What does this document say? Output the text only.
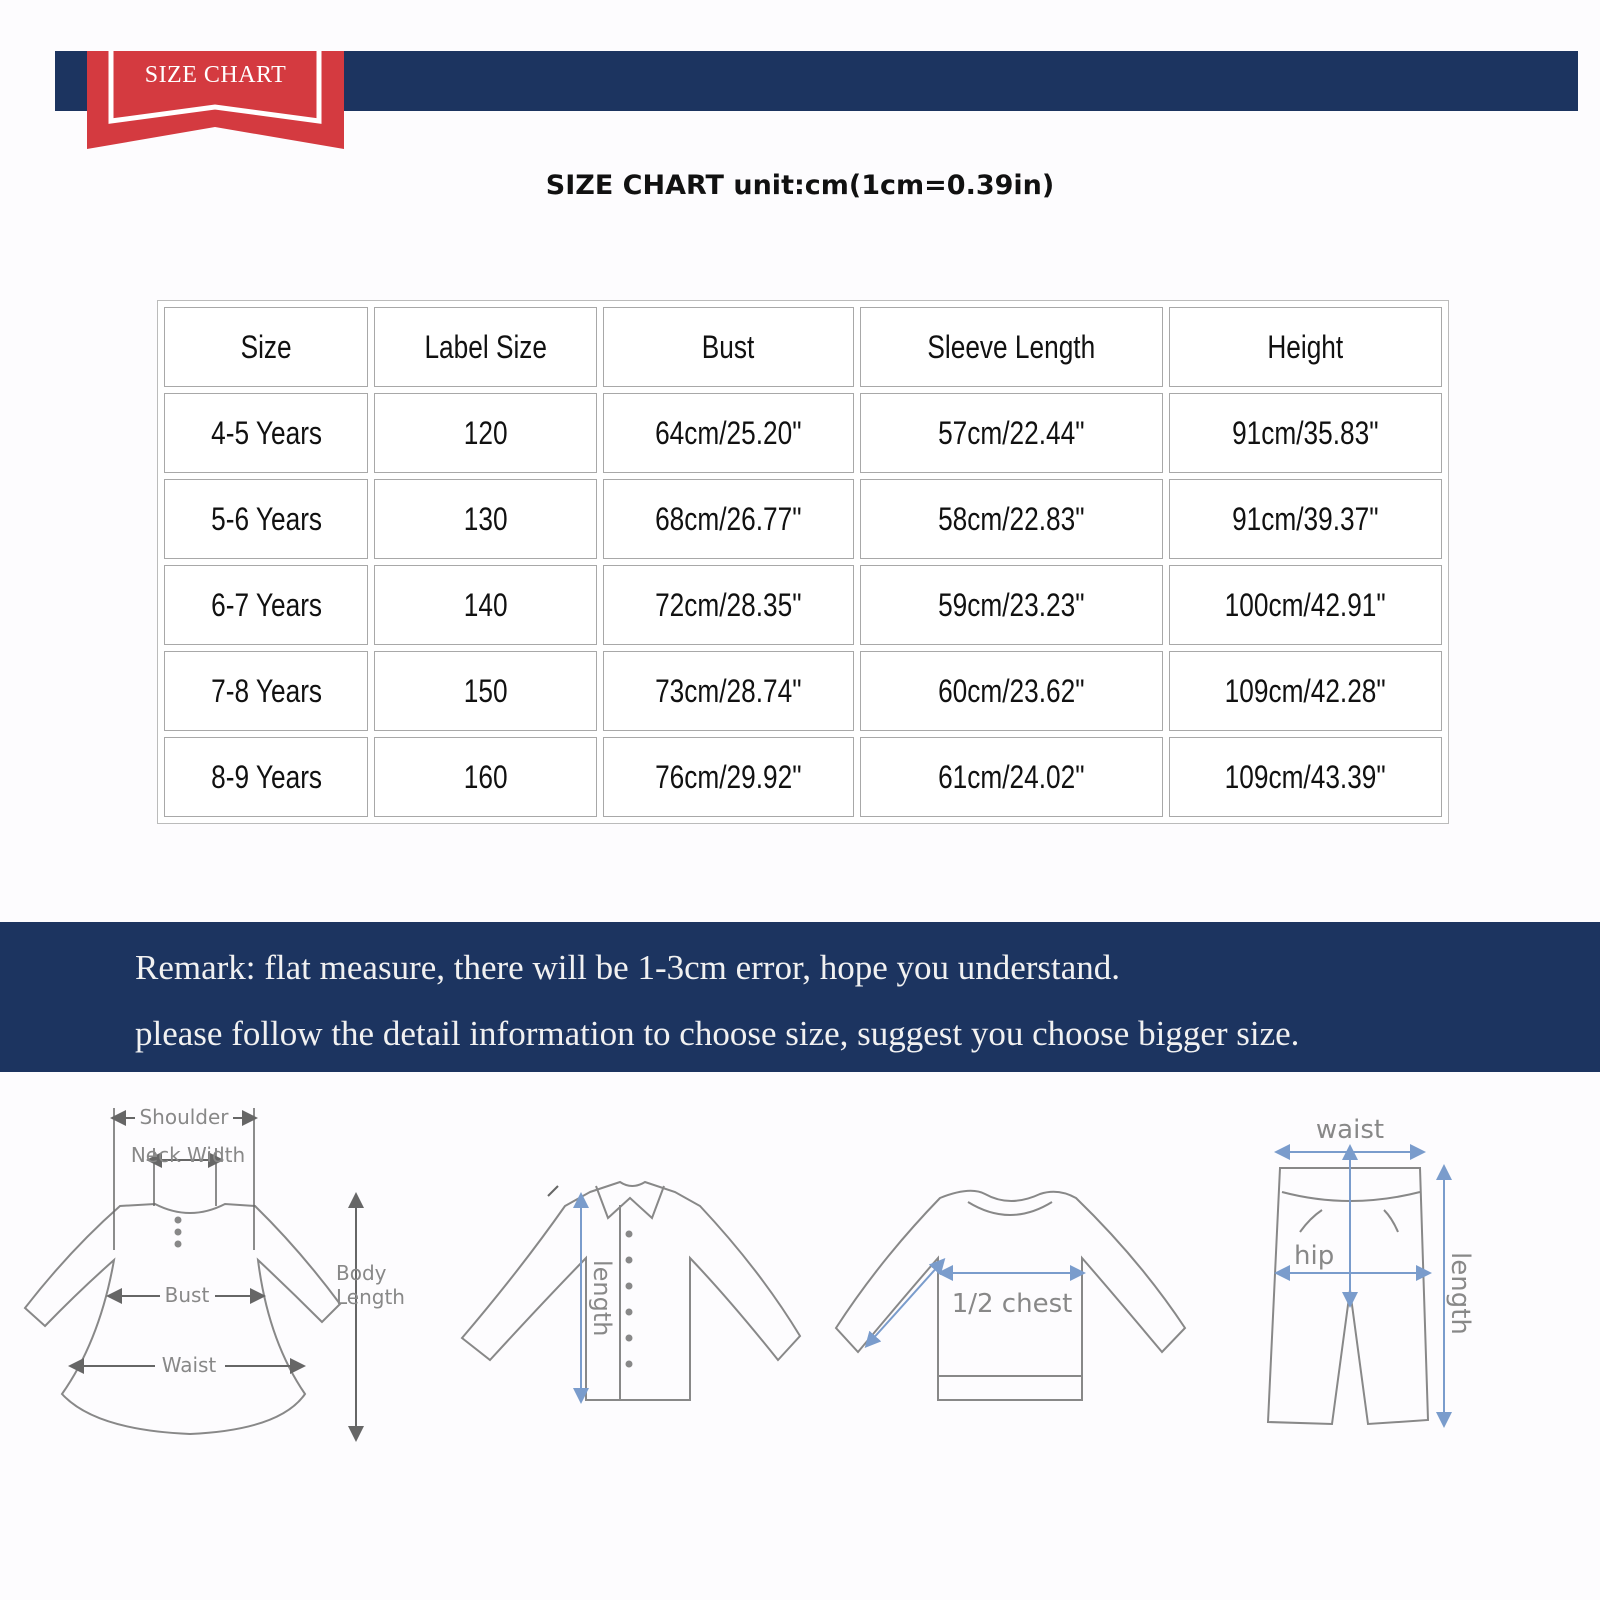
SIZE CHART
SIZE CHART unit:cm(1cm=0.39in)
Size	Label Size	Bust	Sleeve Length	Height
4-5 Years	120	64cm/25.20"	57cm/22.44"	91cm/35.83"
5-6 Years	130	68cm/26.77"	58cm/22.83"	91cm/39.37"
6-7 Years	140	72cm/28.35"	59cm/23.23"	100cm/42.91"
7-8 Years	150	73cm/28.74"	60cm/23.62"	109cm/42.28"
8-9 Years	160	76cm/29.92"	61cm/24.02"	109cm/43.39"
Remark: flat measure, there will be 1-3cm error, hope you understand.
please follow the detail information to choose size, suggest you choose bigger size.
Shoulder
Neck Width
Bust
Waist
Body
Length	length	1/2 chest
waist
hip	length
